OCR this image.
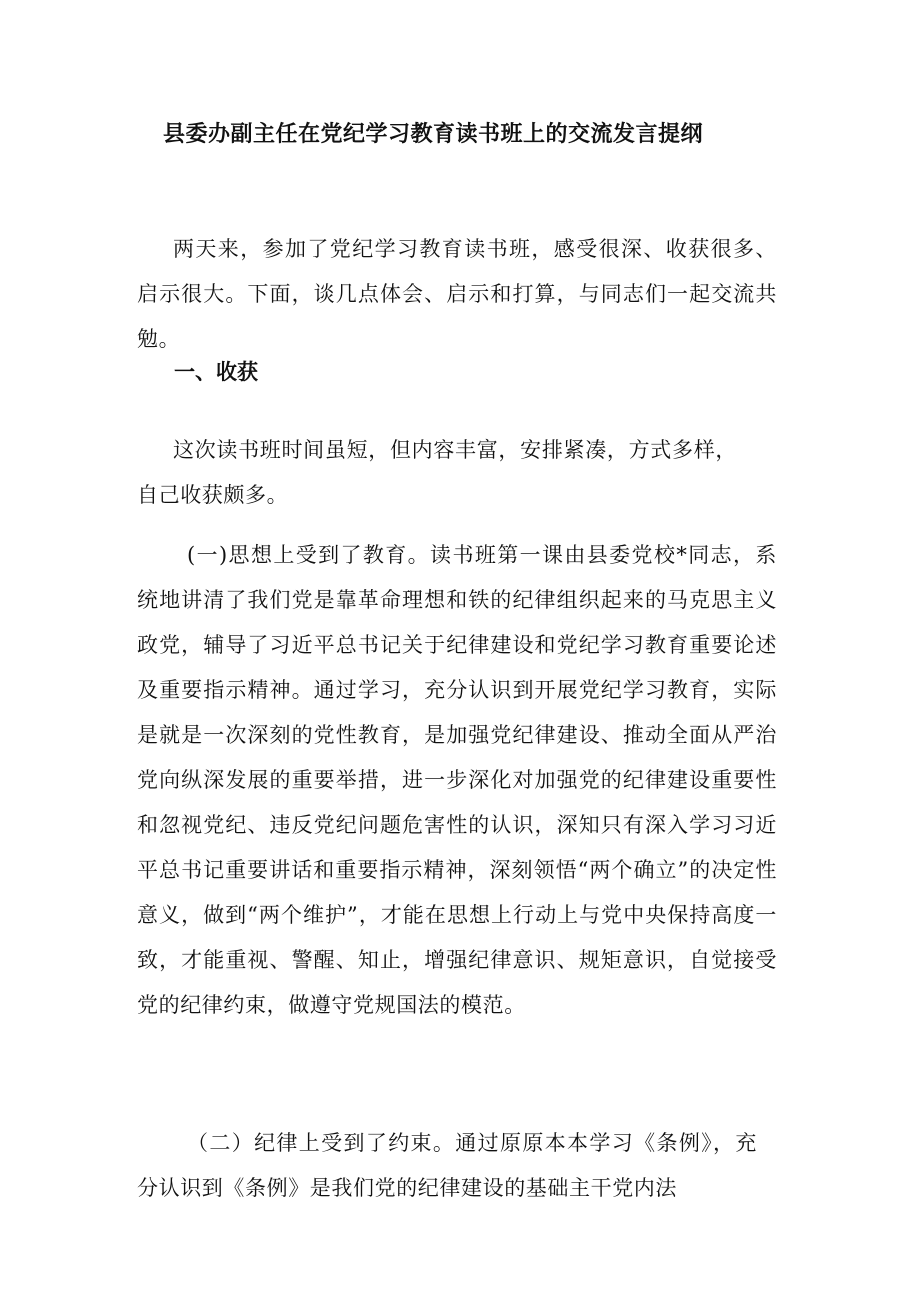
县委办副主任在党纪学习教育读书班上的交流发言提纲

两天来，参加了党纪学习教育读书班，感受很深、收获很多、启示很大。下面，谈几点体会、启示和打算，与同志们一起交流共勉。

一、收获

这次读书班时间虽短，但内容丰富，安排紧凑，方式多样，自己收获颇多。

(一)思想上受到了教育。读书班第一课由县委党校*同志，系统地讲清了我们党是靠革命理想和铁的纪律组织起来的马克思主义政党，辅导了习近平总书记关于纪律建设和党纪学习教育重要论述及重要指示精神。通过学习，充分认识到开展党纪学习教育，实际是就是一次深刻的党性教育，是加强党纪律建设、推动全面从严治党向纵深发展的重要举措，进一步深化对加强党的纪律建设重要性和忽视党纪、违反党纪问题危害性的认识，深知只有深入学习习近平总书记重要讲话和重要指示精神，深刻领悟“两个确立”的决定性意义，做到“两个维护”，才能在思想上行动上与党中央保持高度一致，才能重视、警醒、知止，增强纪律意识、规矩意识，自觉接受党的纪律约束，做遵守党规国法的模范。

（二）纪律上受到了约束。通过原原本本学习《条例》，充分认识到《条例》是我们党的纪律建设的基础主干党内法
